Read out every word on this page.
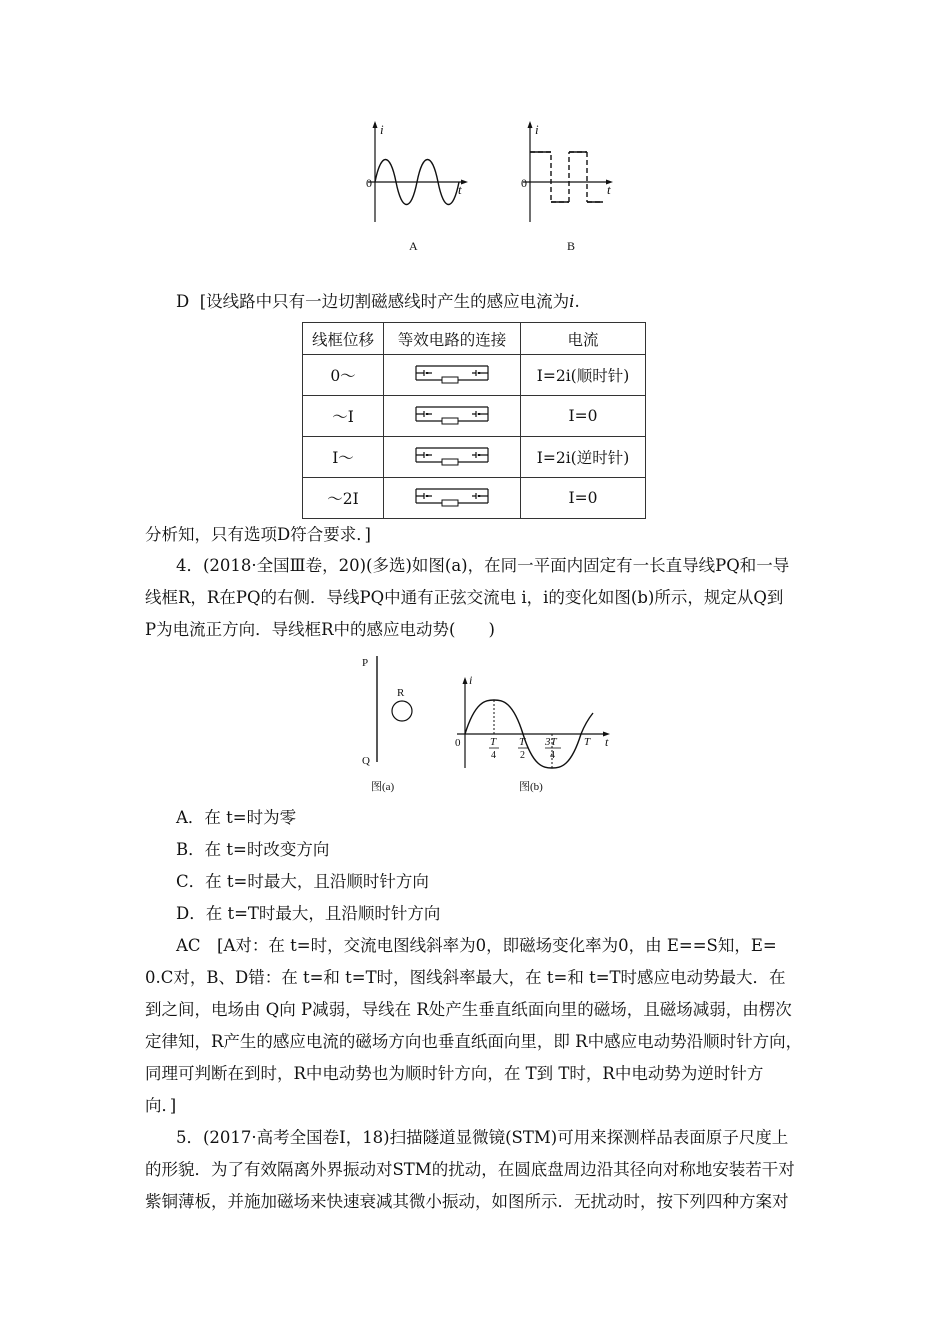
i
t
0
A
i
t
0
B
D [设线路中只有一边切割磁感线时产生的感应电流为i.
线框位移	等效电路的连接	电流
0～		I=2i(顺时针)
～I		I=0
I～		I=2i(逆时针)
～2I		I=0
分析知，只有选项D符合要求．]
4．(2018·全国Ⅲ卷，20)(多选)如图(a)，在同一平面内固定有一长直导线PQ和一导
线框R，R在PQ的右侧．导线PQ中通有正弦交流电 i，i的变化如图(b)所示，规定从Q到
P为电流正方向．导线框R中的感应电动势(　　)
P
Q
R
图(a)
i
t
0	T
4
T
2
3T
4
T
图(b)
A．在 t=时为零
B．在 t=时改变方向
C．在 t=时最大，且沿顺时针方向
D．在 t=T时最大，且沿顺时针方向
AC　[A对：在 t=时，交流电图线斜率为0，即磁场变化率为0，由 E==S知，E=
0.C对，B、D错：在 t=和 t=T时，图线斜率最大，在 t=和 t=T时感应电动势最大．在
到之间，电场由 Q向 P减弱，导线在 R处产生垂直纸面向里的磁场，且磁场减弱，由楞次
定律知，R产生的感应电流的磁场方向也垂直纸面向里，即 R中感应电动势沿顺时针方向，
同理可判断在到时，R中电动势也为顺时针方向，在 T到 T时，R中电动势为逆时针方
向．]
5．(2017·高考全国卷Ⅰ，18)扫描隧道显微镜(STM)可用来探测样品表面原子尺度上
的形貌．为了有效隔离外界振动对STM的扰动，在圆底盘周边沿其径向对称地安装若干对
紫铜薄板，并施加磁场来快速衰减其微小振动，如图所示．无扰动时，按下列四种方案对
